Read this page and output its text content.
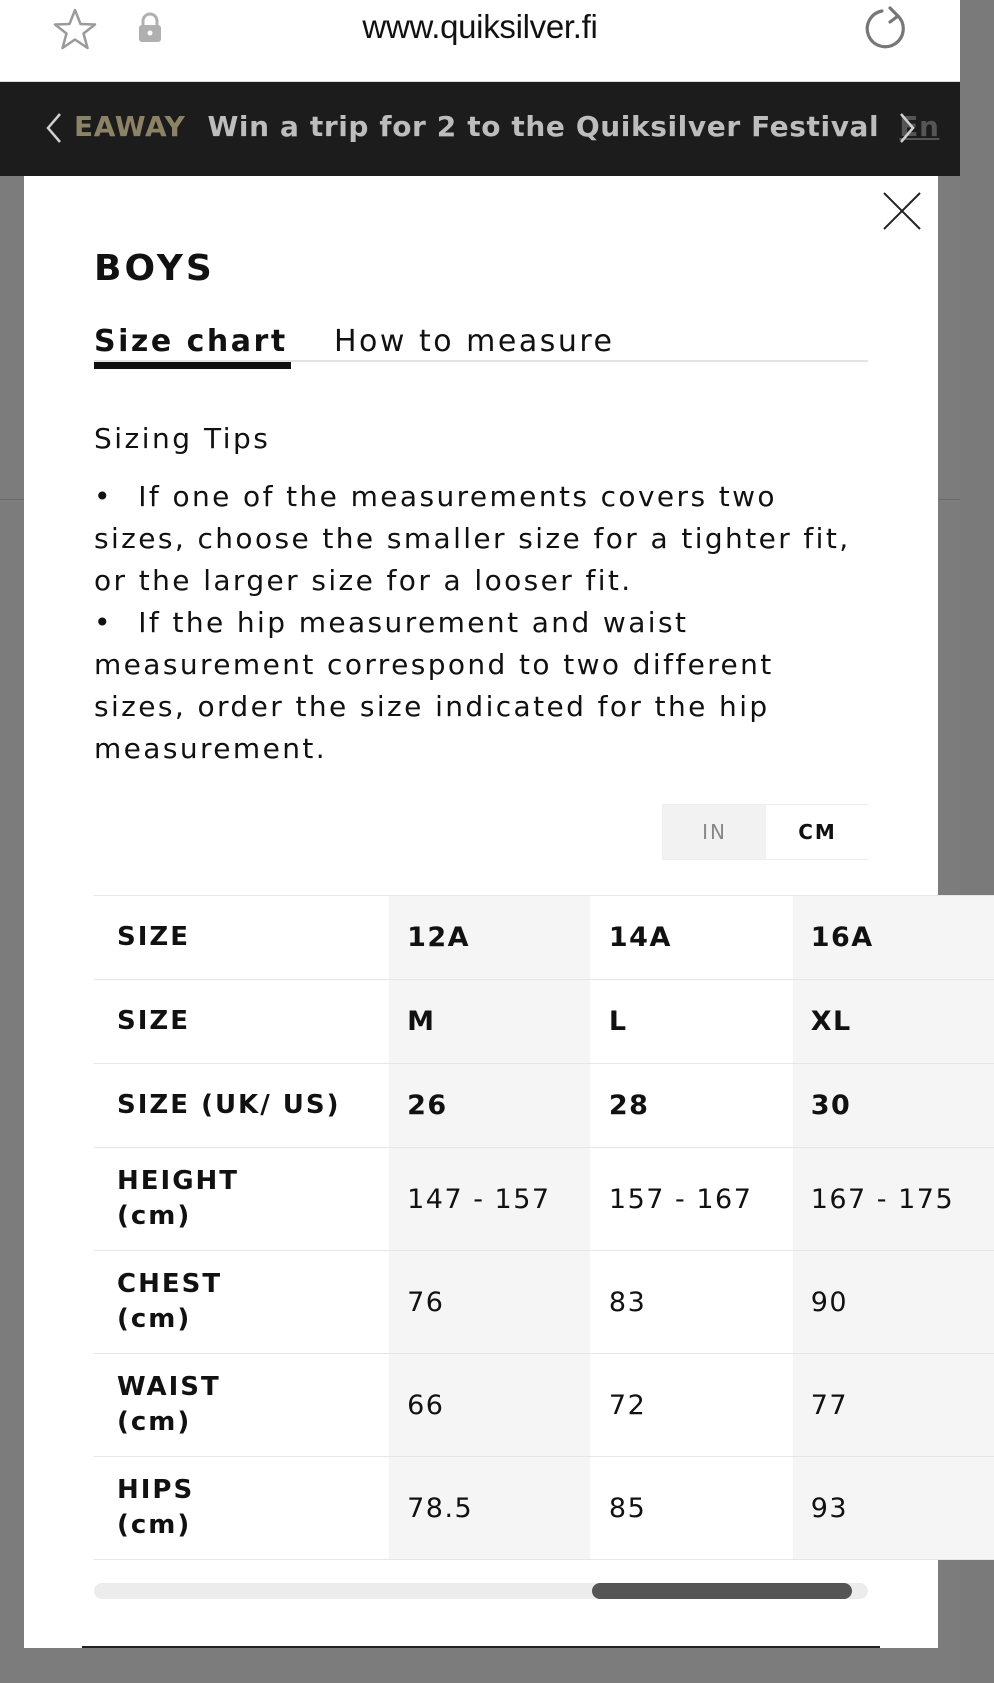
www.quiksilver.fi
EAWAY Win a trip for 2 to the Quiksilver Festival En
BOYS
Size chart How to measure
Sizing Tips
• If one of the measurements covers two sizes, choose the smaller size for a tighter fit, or the larger size for a looser fit.
• If the hip measurement and waist measurement correspond to two different sizes, order the size indicated for the hip measurement.
IN	CM
SIZE	12A	14A	16A
SIZE	M	L	XL
SIZE (UK/ US)	26	28	30
HEIGHT
(cm)	147 - 157	157 - 167	167 - 175
CHEST
(cm)	76	83	90
WAIST
(cm)	66	72	77
HIPS
(cm)	78.5	85	93
